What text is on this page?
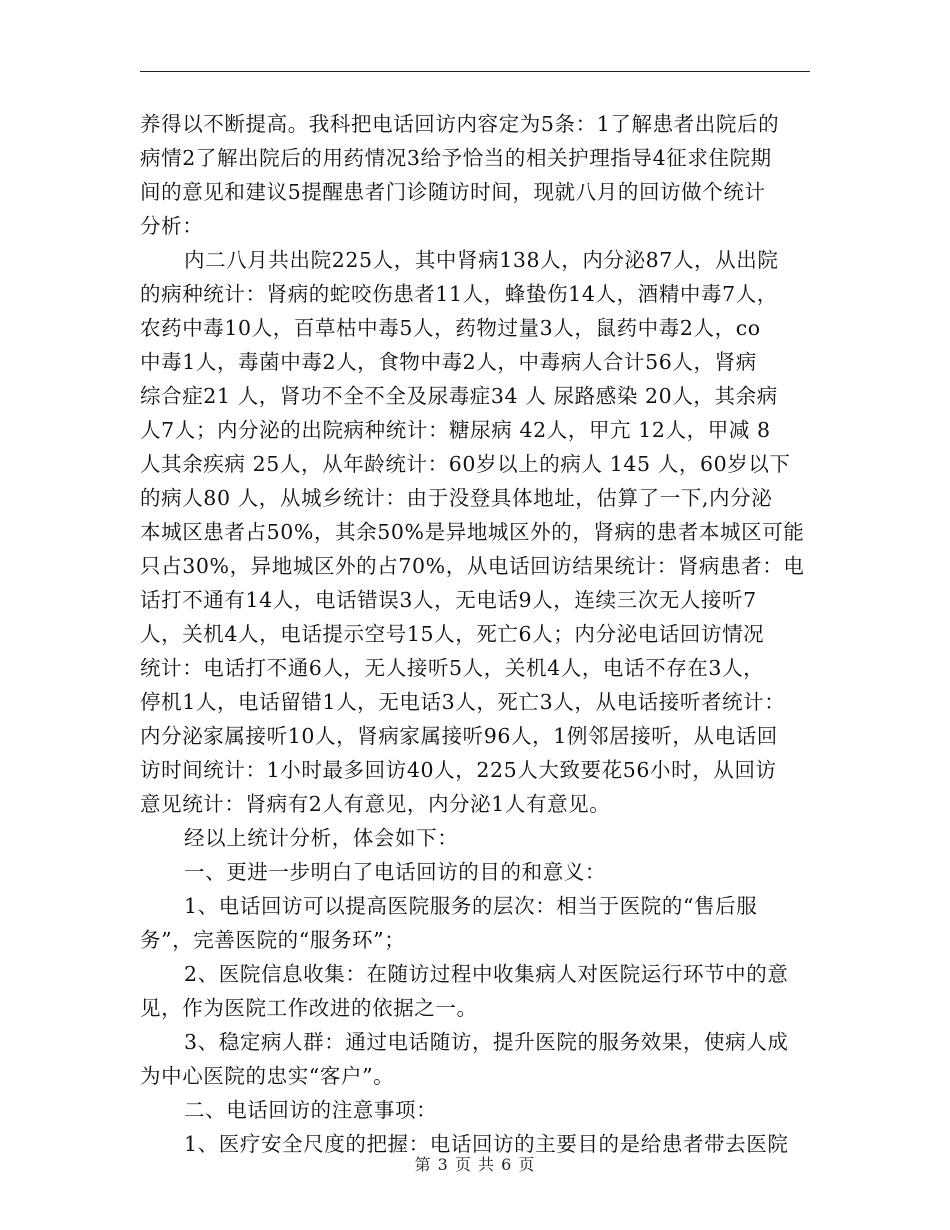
养得以不断提高。我科把电话回访内容定为5条：1了解患者出院后的
病情2了解出院后的用药情况3给予恰当的相关护理指导4征求住院期
间的意见和建议5提醒患者门诊随访时间，现就八月的回访做个统计
分析：
内二八月共出院225人，其中肾病138人，内分泌87人，从出院
的病种统计：肾病的蛇咬伤患者11人，蜂蛰伤14人，酒精中毒7人，
农药中毒10人，百草枯中毒5人，药物过量3人，鼠药中毒2人，co
中毒1人，毒菌中毒2人，食物中毒2人，中毒病人合计56人，肾病
综合症21 人，肾功不全不全及尿毒症34 人 尿路感染 20人，其余病
人7人；内分泌的出院病种统计：糖尿病 42人，甲亢 12人，甲减 8
人其余疾病 25人，从年龄统计：60岁以上的病人 145 人，60岁以下
的病人80 人，从城乡统计：由于没登具体地址，估算了一下,内分泌
本城区患者占50%，其余50%是异地城区外的，肾病的患者本城区可能
只占30%，异地城区外的占70%，从电话回访结果统计：肾病患者：电
话打不通有14人，电话错误3人，无电话9人，连续三次无人接听7
人，关机4人，电话提示空号15人，死亡6人；内分泌电话回访情况
统计：电话打不通6人，无人接听5人，关机4人，电话不存在3人，
停机1人，电话留错1人，无电话3人，死亡3人，从电话接听者统计：
内分泌家属接听10人，肾病家属接听96人，1例邻居接听，从电话回
访时间统计：1小时最多回访40人，225人大致要花56小时，从回访
意见统计：肾病有2人有意见，内分泌1人有意见。
经以上统计分析，体会如下：
一、更进一步明白了电话回访的目的和意义：
1、电话回访可以提高医院服务的层次：相当于医院的“售后服
务”，完善医院的“服务环”；
2、医院信息收集：在随访过程中收集病人对医院运行环节中的意
见，作为医院工作改进的依据之一。
3、稳定病人群：通过电话随访，提升医院的服务效果，使病人成
为中心医院的忠实“客户”。
二、电话回访的注意事项：
1、医疗安全尺度的把握：电话回访的主要目的是给患者带去医院
第 3 页 共 6 页
